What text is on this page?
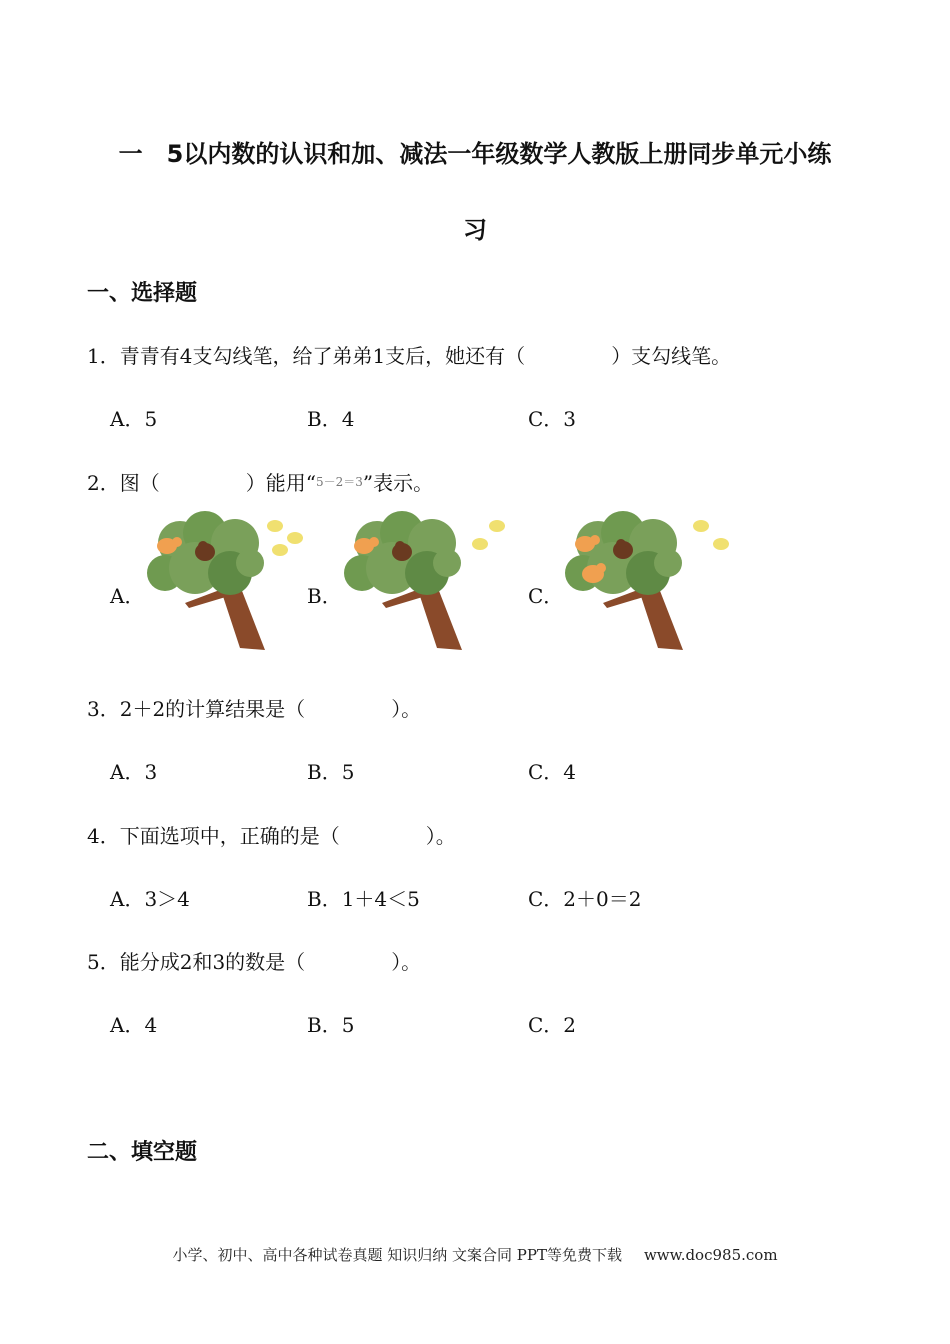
一　5以内数的认识和加、减法一年级数学人教版上册同步单元小练
习
一、选择题
1．青青有4支勾线笔，给了弟弟1支后，她还有（	）支勾线笔。
A．5	B．4	C．3
2．图（	）能用“$^{5-2=3}$”表示。
A．	B．	C．
3．2＋2的计算结果是（	）。
A．3	B．5	C．4
4．下面选项中，正确的是（	）。
A．3＞4	B．1＋4＜5	C．2＋0＝2
5．能分成2和3的数是（	）。
A．4	B．5	C．2
二、填空题
小学、初中、高中各种试卷真题 知识归纳 文案合同 PPT等免费下载 www.doc985.com
